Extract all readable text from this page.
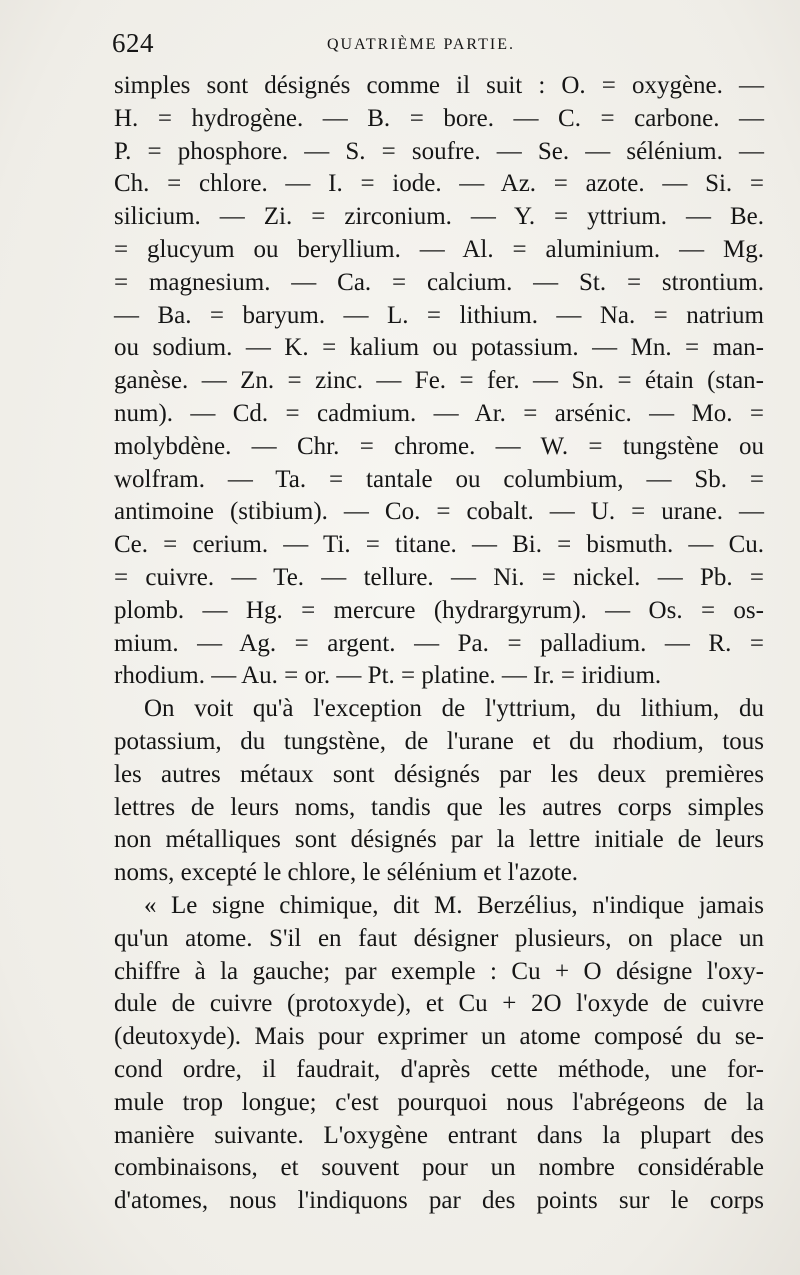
624	QUATRIÈME PARTIE.
simples sont désignés comme il suit : O. = oxygène. —
H. = hydrogène. — B. = bore. — C. = carbone. —
P. = phosphore. — S. = soufre. — Se. — sélénium. —
Ch. = chlore. — I. = iode. — Az. = azote. — Si. =
silicium. — Zi. = zirconium. — Y. = yttrium. — Be.
= glucyum ou beryllium. — Al. = aluminium. — Mg.
= magnesium. — Ca. = calcium. — St. = strontium.
— Ba. = baryum. — L. = lithium. — Na. = natrium
ou sodium. — K. = kalium ou potassium. — Mn. = man-
ganèse. — Zn. = zinc. — Fe. = fer. — Sn. = étain (stan-
num). — Cd. = cadmium. — Ar. = arsénic. — Mo. =
molybdène. — Chr. = chrome. — W. = tungstène ou
wolfram. — Ta. = tantale ou columbium, — Sb. =
antimoine (stibium). — Co. = cobalt. — U. = urane. —
Ce. = cerium. — Ti. = titane. — Bi. = bismuth. — Cu.
= cuivre. — Te. — tellure. — Ni. = nickel. — Pb. =
plomb. — Hg. = mercure (hydrargyrum). — Os. = os-
mium. — Ag. = argent. — Pa. = palladium. — R. =
rhodium. — Au. = or. — Pt. = platine. — Ir. = iridium.
On voit qu'à l'exception de l'yttrium, du lithium, du
potassium, du tungstène, de l'urane et du rhodium, tous
les autres métaux sont désignés par les deux premières
lettres de leurs noms, tandis que les autres corps simples
non métalliques sont désignés par la lettre initiale de leurs
noms, excepté le chlore, le sélénium et l'azote.
« Le signe chimique, dit M. Berzélius, n'indique jamais
qu'un atome. S'il en faut désigner plusieurs, on place un
chiffre à la gauche; par exemple : Cu + O désigne l'oxy-
dule de cuivre (protoxyde), et Cu + 2O l'oxyde de cuivre
(deutoxyde). Mais pour exprimer un atome composé du se-
cond ordre, il faudrait, d'après cette méthode, une for-
mule trop longue; c'est pourquoi nous l'abrégeons de la
manière suivante. L'oxygène entrant dans la plupart des
combinaisons, et souvent pour un nombre considérable
d'atomes, nous l'indiquons par des points sur le corps
